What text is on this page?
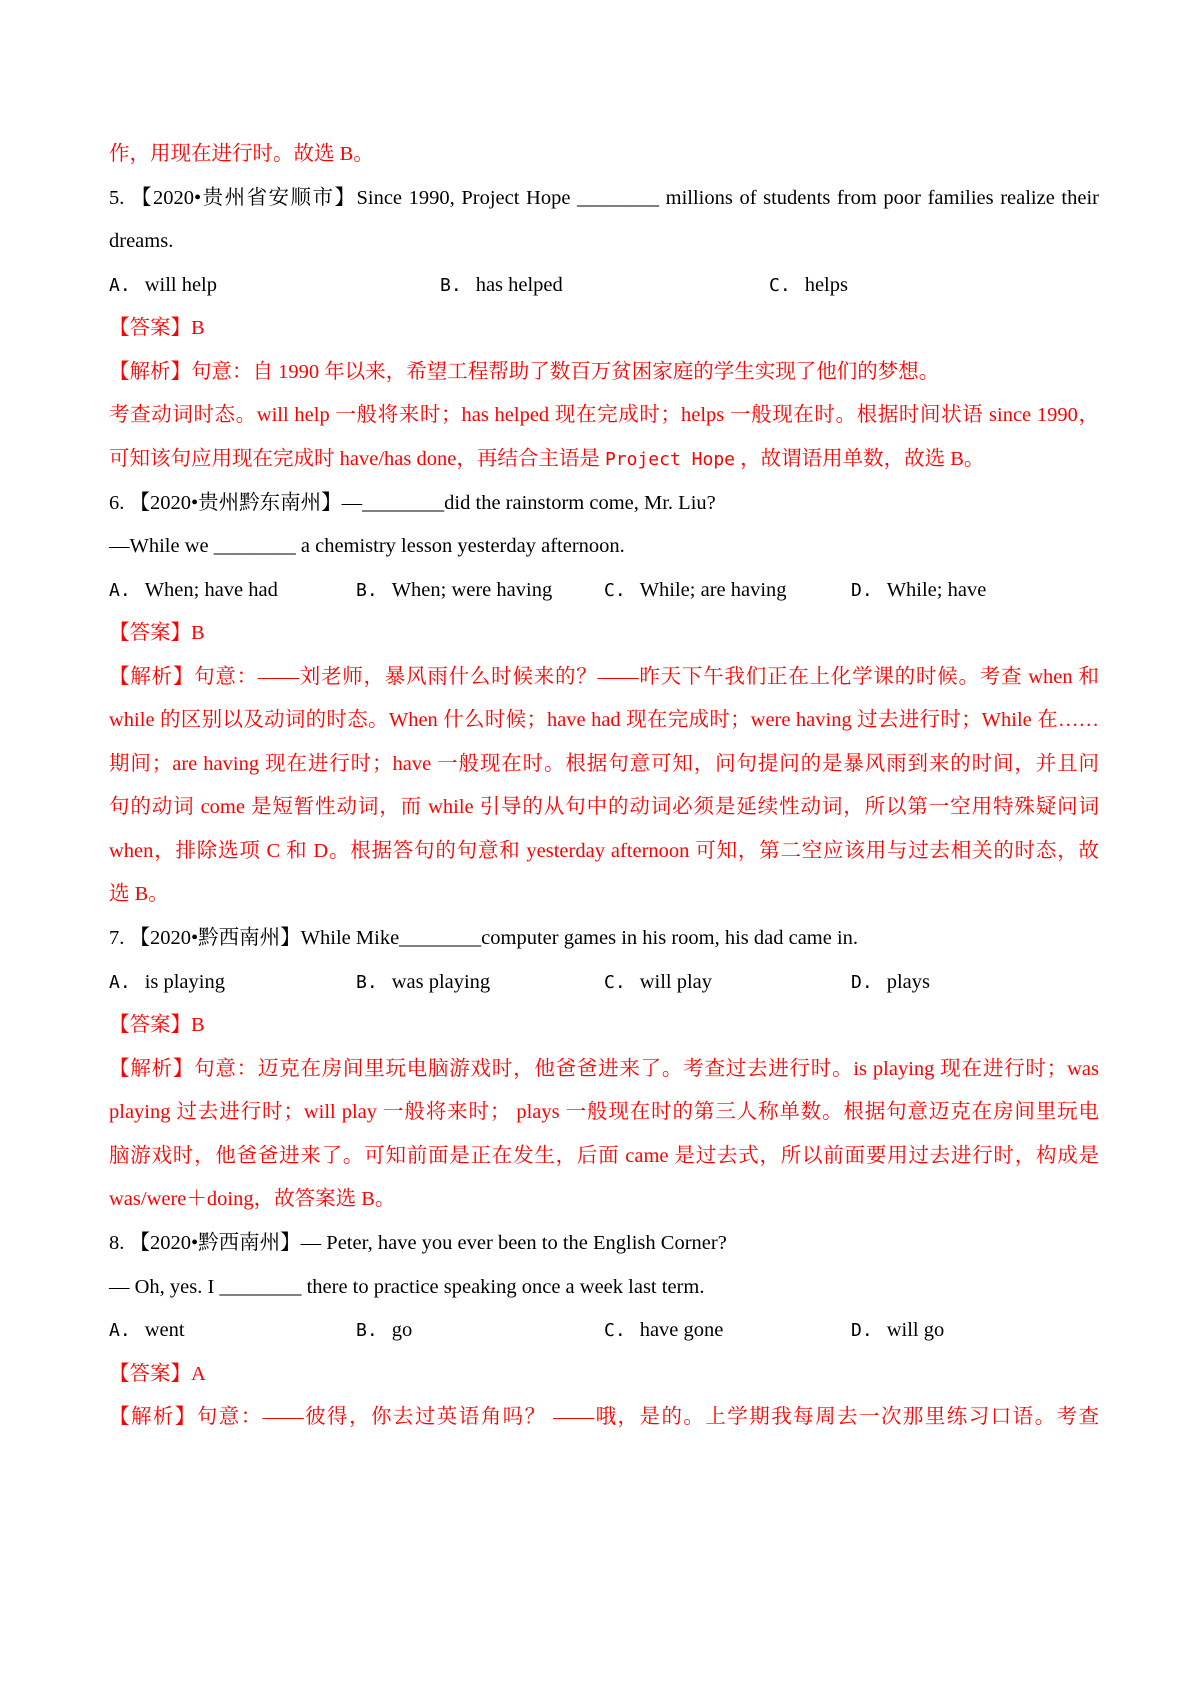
作，用现在进行时。故选 B。
5. 【2020•贵州省安顺市】Since 1990, Project Hope ________ millions of students from poor families realize their
dreams.
A. will help	B. has helped	C. helps
【答案】B
【解析】句意：自 1990 年以来，希望工程帮助了数百万贫困家庭的学生实现了他们的梦想。
考查动词时态。will help 一般将来时；has helped 现在完成时；helps 一般现在时。根据时间状语 since 1990，
可知该句应用现在完成时 have/has done，再结合主语是 Project Hope ，故谓语用单数，故选 B。
6. 【2020•贵州黔东南州】—________did the rainstorm come, Mr. Liu?
—While we ________ a chemistry lesson yesterday afternoon.
A. When; have had	B. When; were having	C. While; are having	D. While; have
【答案】B
【解析】句意：——刘老师，暴风雨什么时候来的？——昨天下午我们正在上化学课的时候。考查 when 和
while 的区别以及动词的时态。When 什么时候；have had 现在完成时；were having 过去进行时；While 在……
期间；are having 现在进行时；have 一般现在时。根据句意可知，问句提问的是暴风雨到来的时间，并且问
句的动词 come 是短暂性动词，而 while 引导的从句中的动词必须是延续性动词，所以第一空用特殊疑问词
when，排除选项 C 和 D。根据答句的句意和 yesterday afternoon 可知，第二空应该用与过去相关的时态，故
选 B。
7. 【2020•黔西南州】While Mike________computer games in his room, his dad came in.
A. is playing	B. was playing	C. will play	D. plays
【答案】B
【解析】句意：迈克在房间里玩电脑游戏时，他爸爸进来了。考查过去进行时。is playing 现在进行时；was
playing 过去进行时；will play 一般将来时； plays 一般现在时的第三人称单数。根据句意迈克在房间里玩电
脑游戏时，他爸爸进来了。可知前面是正在发生，后面 came 是过去式，所以前面要用过去进行时，构成是
was/were＋doing，故答案选 B。
8. 【2020•黔西南州】— Peter, have you ever been to the English Corner?
— Oh, yes. I ________ there to practice speaking once a week last term.
A. went	B. go	C. have gone	D. will go
【答案】A
【解析】句意：——彼得，你去过英语角吗？ ——哦，是的。上学期我每周去一次那里练习口语。考查
